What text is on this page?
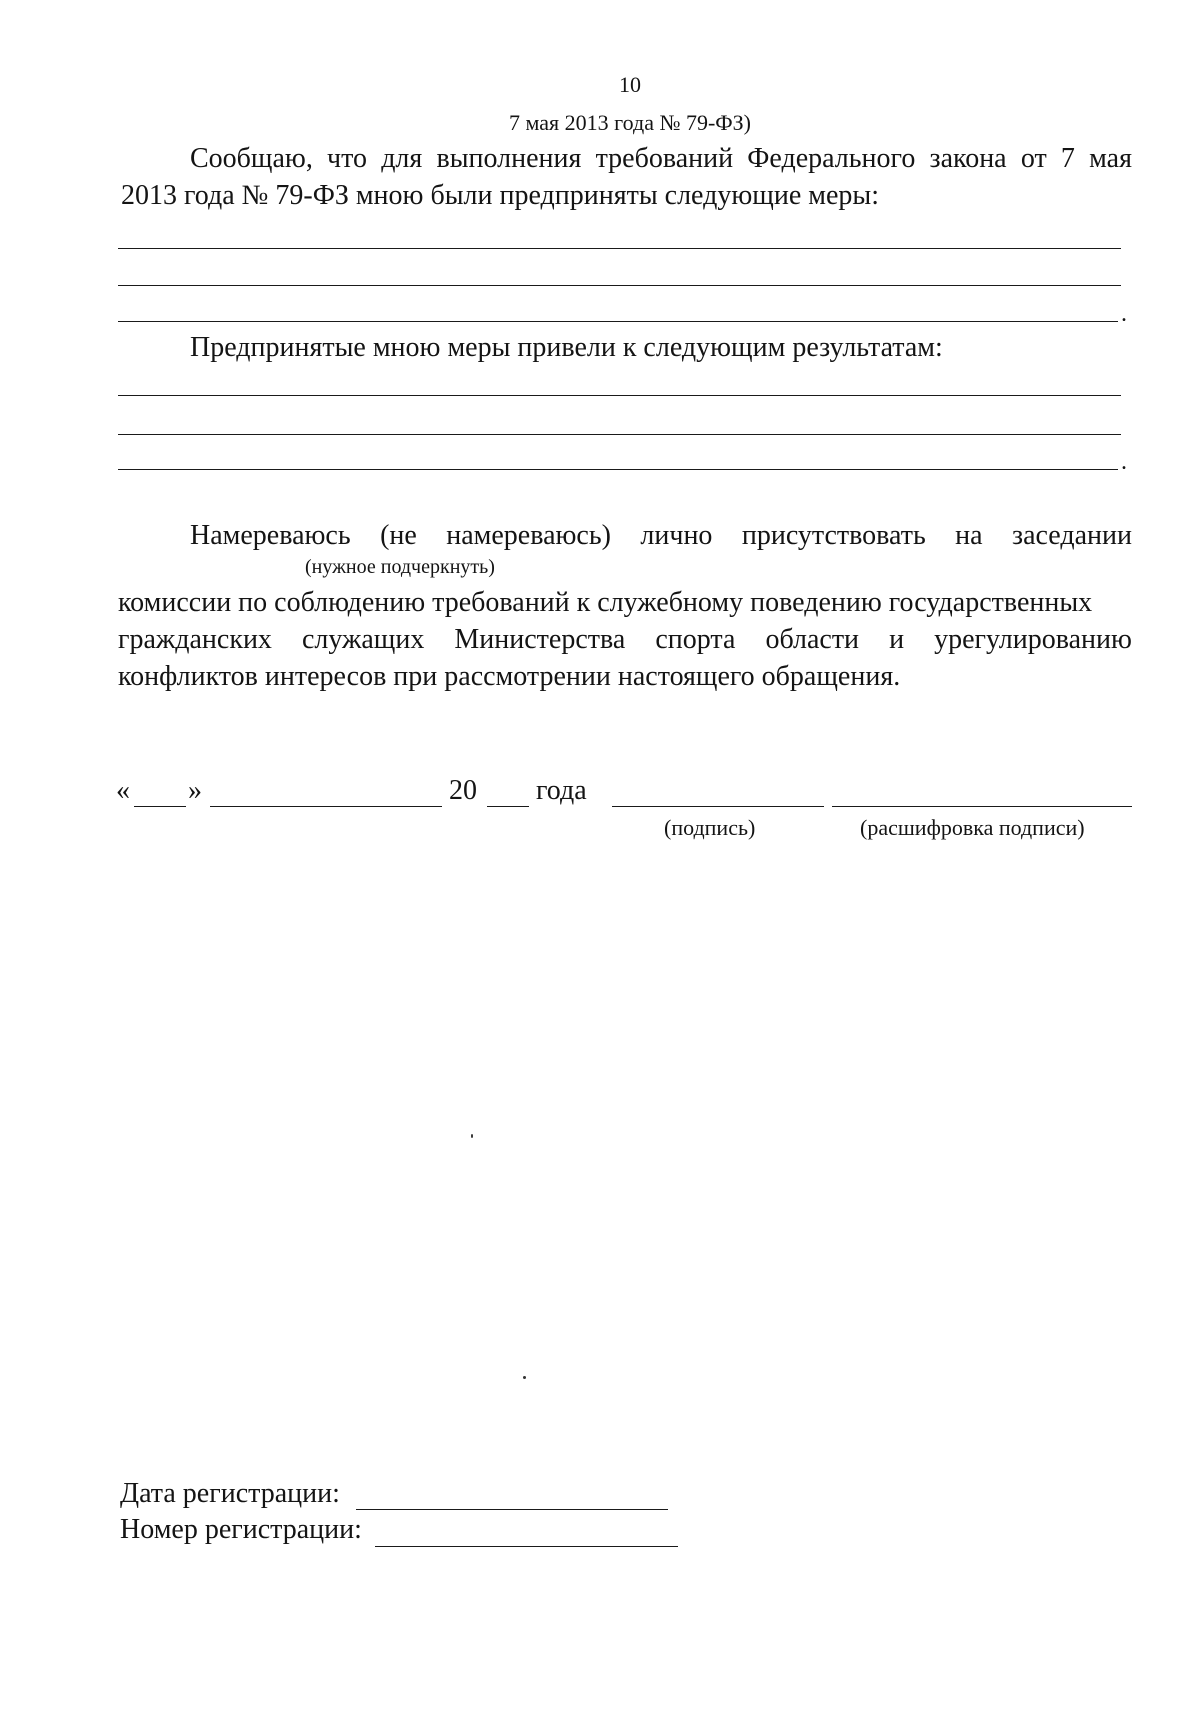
10
7 мая 2013 года № 79-ФЗ)
Сообщаю, что для выполнения требований Федерального закона от 7 мая
2013 года № 79-ФЗ мною были предприняты следующие меры:
.
Предпринятые мною меры привели к следующим результатам:
.
Намереваюсь (не намереваюсь) лично присутствовать на заседании
(нужное подчеркнуть)
комиссии по соблюдению требований к служебному поведению государственных
гражданских служащих Министерства спорта области и урегулированию
конфликтов интересов при рассмотрении настоящего обращения.
« »	20 года
(подпись)	(расшифровка подписи)
Дата регистрации:
Номер регистрации:
